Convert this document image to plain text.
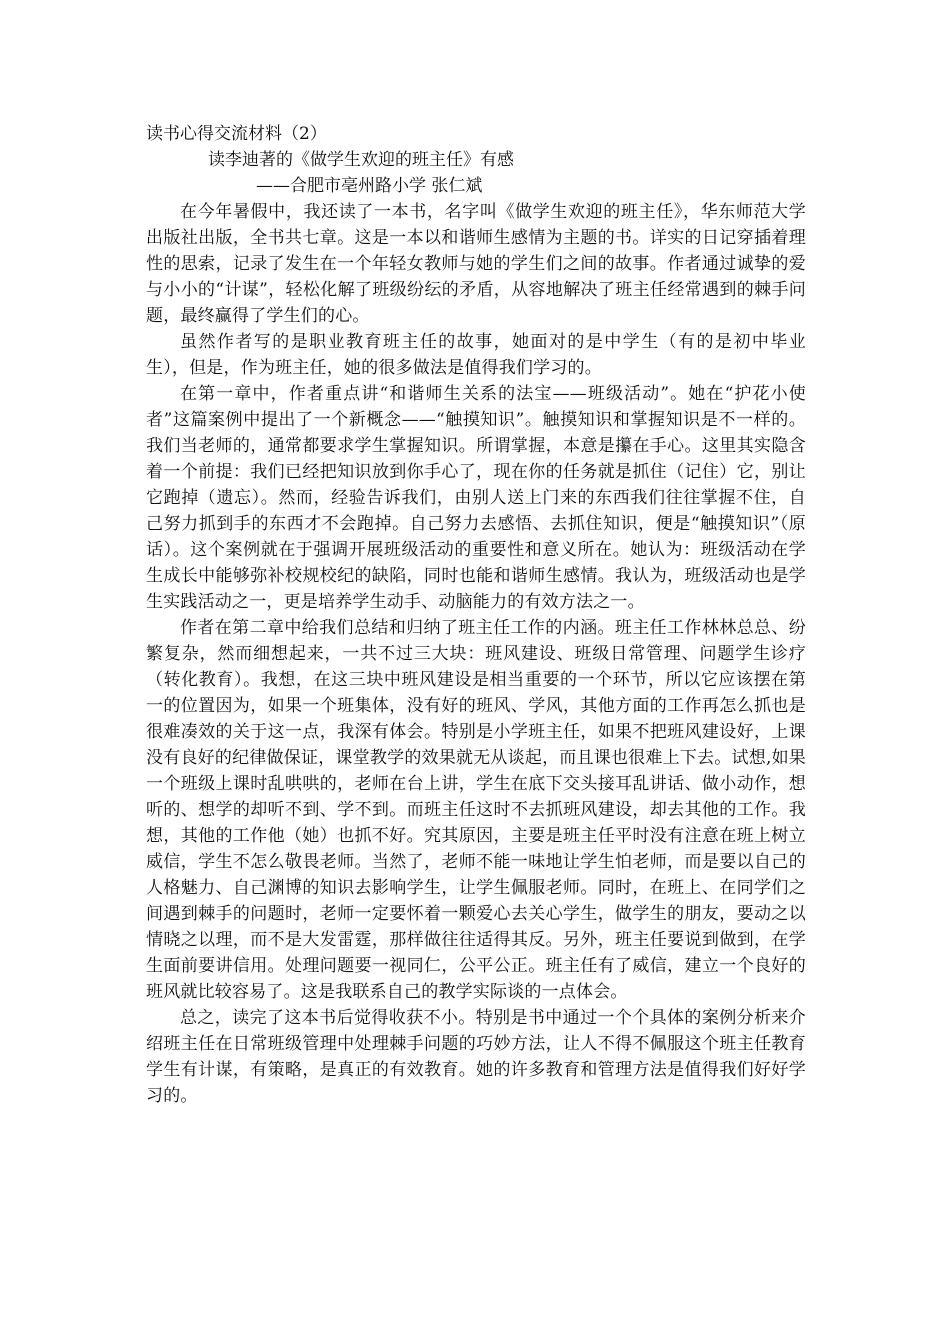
读书心得交流材料（2）
读李迪著的《做学生欢迎的班主任》有感
——合肥市亳州路小学 张仁斌

在今年暑假中，我还读了一本书，名字叫《做学生欢迎的班主任》，华东师范大学出版社出版，全书共七章。这是一本以和谐师生感情为主题的书。详实的日记穿插着理性的思索，记录了发生在一个年轻女教师与她的学生们之间的故事。作者通过诚挚的爱与小小的“计谋”，轻松化解了班级纷纭的矛盾，从容地解决了班主任经常遇到的棘手问题，最终赢得了学生们的心。

虽然作者写的是职业教育班主任的故事，她面对的是中学生（有的是初中毕业生），但是，作为班主任，她的很多做法是值得我们学习的。

在第一章中，作者重点讲“和谐师生关系的法宝——班级活动”。她在“护花小使者”这篇案例中提出了一个新概念——“触摸知识”。触摸知识和掌握知识是不一样的。我们当老师的，通常都要求学生掌握知识。所谓掌握，本意是攥在手心。这里其实隐含着一个前提：我们已经把知识放到你手心了，现在你的任务就是抓住（记住）它，别让它跑掉（遗忘）。然而，经验告诉我们，由别人送上门来的东西我们往往掌握不住，自己努力抓到手的东西才不会跑掉。自己努力去感悟、去抓住知识，便是“触摸知识”（原话）。这个案例就在于强调开展班级活动的重要性和意义所在。她认为：班级活动在学生成长中能够弥补校规校纪的缺陷，同时也能和谐师生感情。我认为，班级活动也是学生实践活动之一，更是培养学生动手、动脑能力的有效方法之一。

作者在第二章中给我们总结和归纳了班主任工作的内涵。班主任工作林林总总、纷繁复杂，然而细想起来，一共不过三大块：班风建设、班级日常管理、问题学生诊疗（转化教育）。我想，在这三块中班风建设是相当重要的一个环节，所以它应该摆在第一的位置因为，如果一个班集体，没有好的班风、学风，其他方面的工作再怎么抓也是很难凑效的关于这一点，我深有体会。特别是小学班主任，如果不把班风建设好，上课没有良好的纪律做保证，课堂教学的效果就无从谈起，而且课也很难上下去。试想,如果一个班级上课时乱哄哄的，老师在台上讲，学生在底下交头接耳乱讲话、做小动作，想听的、想学的却听不到、学不到。而班主任这时不去抓班风建设，却去其他的工作。我想，其他的工作他（她）也抓不好。究其原因，主要是班主任平时没有注意在班上树立威信，学生不怎么敬畏老师。当然了，老师不能一味地让学生怕老师，而是要以自己的人格魅力、自己渊博的知识去影响学生，让学生佩服老师。同时，在班上、在同学们之间遇到棘手的问题时，老师一定要怀着一颗爱心去关心学生，做学生的朋友，要动之以情晓之以理，而不是大发雷霆，那样做往往适得其反。另外，班主任要说到做到，在学生面前要讲信用。处理问题要一视同仁，公平公正。班主任有了威信，建立一个良好的班风就比较容易了。这是我联系自己的教学实际谈的一点体会。

总之，读完了这本书后觉得收获不小。特别是书中通过一个个具体的案例分析来介绍班主任在日常班级管理中处理棘手问题的巧妙方法，让人不得不佩服这个班主任教育学生有计谋，有策略，是真正的有效教育。她的许多教育和管理方法是值得我们好好学习的。
